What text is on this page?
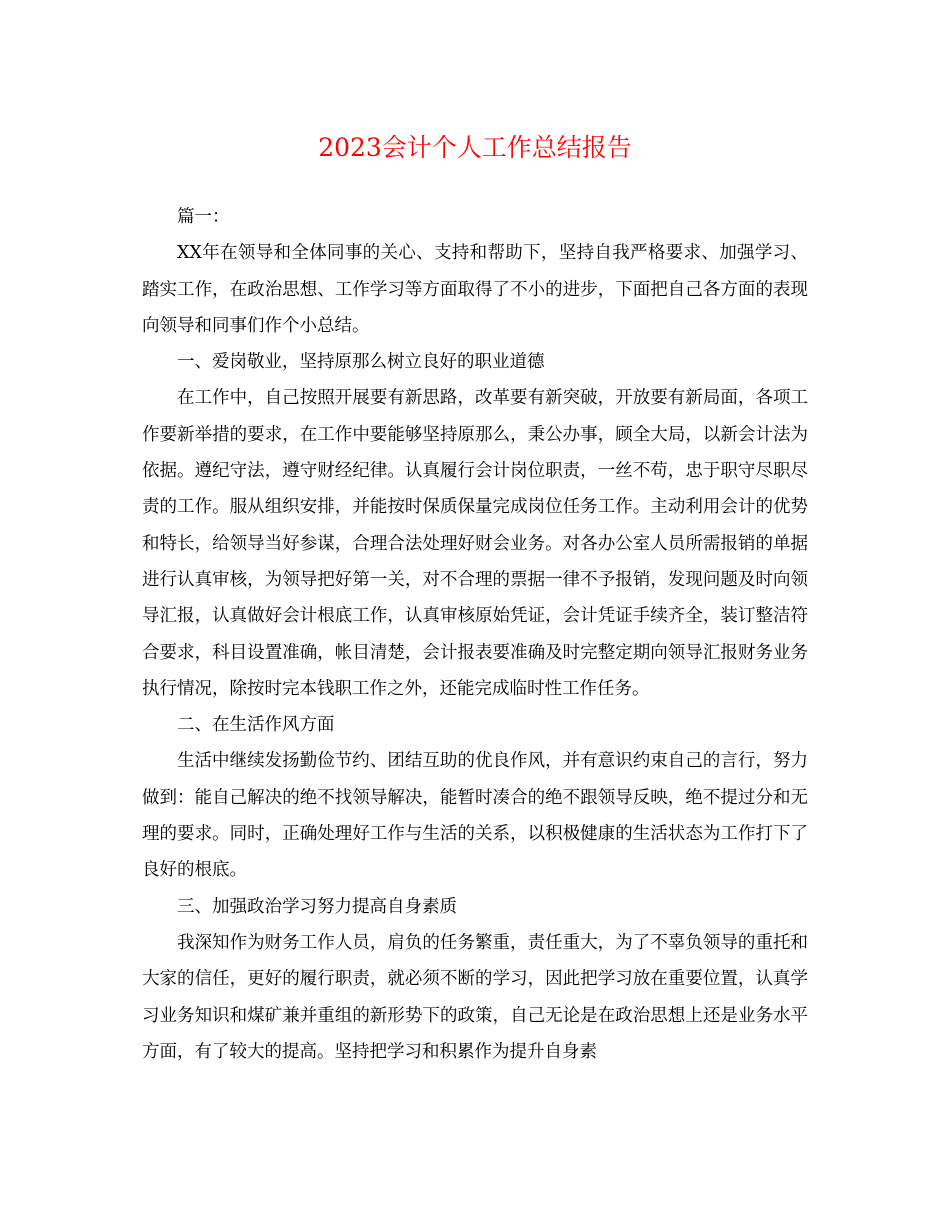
2023会计个人工作总结报告

篇一：

XX年在领导和全体同事的关心、支持和帮助下，坚持自我严格要求、加强学习、踏实工作，在政治思想、工作学习等方面取得了不小的进步，下面把自己各方面的表现向领导和同事们作个小总结。

一、爱岗敬业，坚持原那么树立良好的职业道德

在工作中，自己按照开展要有新思路，改革要有新突破，开放要有新局面，各项工作要新举措的要求，在工作中要能够坚持原那么，秉公办事，顾全大局，以新会计法为依据。遵纪守法，遵守财经纪律。认真履行会计岗位职责，一丝不苟，忠于职守尽职尽责的工作。服从组织安排，并能按时保质保量完成岗位任务工作。主动利用会计的优势和特长，给领导当好参谋，合理合法处理好财会业务。对各办公室人员所需报销的单据进行认真审核，为领导把好第一关，对不合理的票据一律不予报销，发现问题及时向领导汇报，认真做好会计根底工作，认真审核原始凭证，会计凭证手续齐全，装订整洁符合要求，科目设置准确，帐目清楚，会计报表要准确及时完整定期向领导汇报财务业务执行情况，除按时完本钱职工作之外，还能完成临时性工作任务。

二、在生活作风方面

生活中继续发扬勤俭节约、团结互助的优良作风，并有意识约束自己的言行，努力做到：能自己解决的绝不找领导解决，能暂时凑合的绝不跟领导反映，绝不提过分和无理的要求。同时，正确处理好工作与生活的关系，以积极健康的生活状态为工作打下了良好的根底。

三、加强政治学习努力提高自身素质

我深知作为财务工作人员，肩负的任务繁重，责任重大，为了不辜负领导的重托和大家的信任，更好的履行职责，就必须不断的学习，因此把学习放在重要位置，认真学习业务知识和煤矿兼并重组的新形势下的政策，自己无论是在政治思想上还是业务水平方面，有了较大的提高。坚持把学习和积累作为提升自身素
